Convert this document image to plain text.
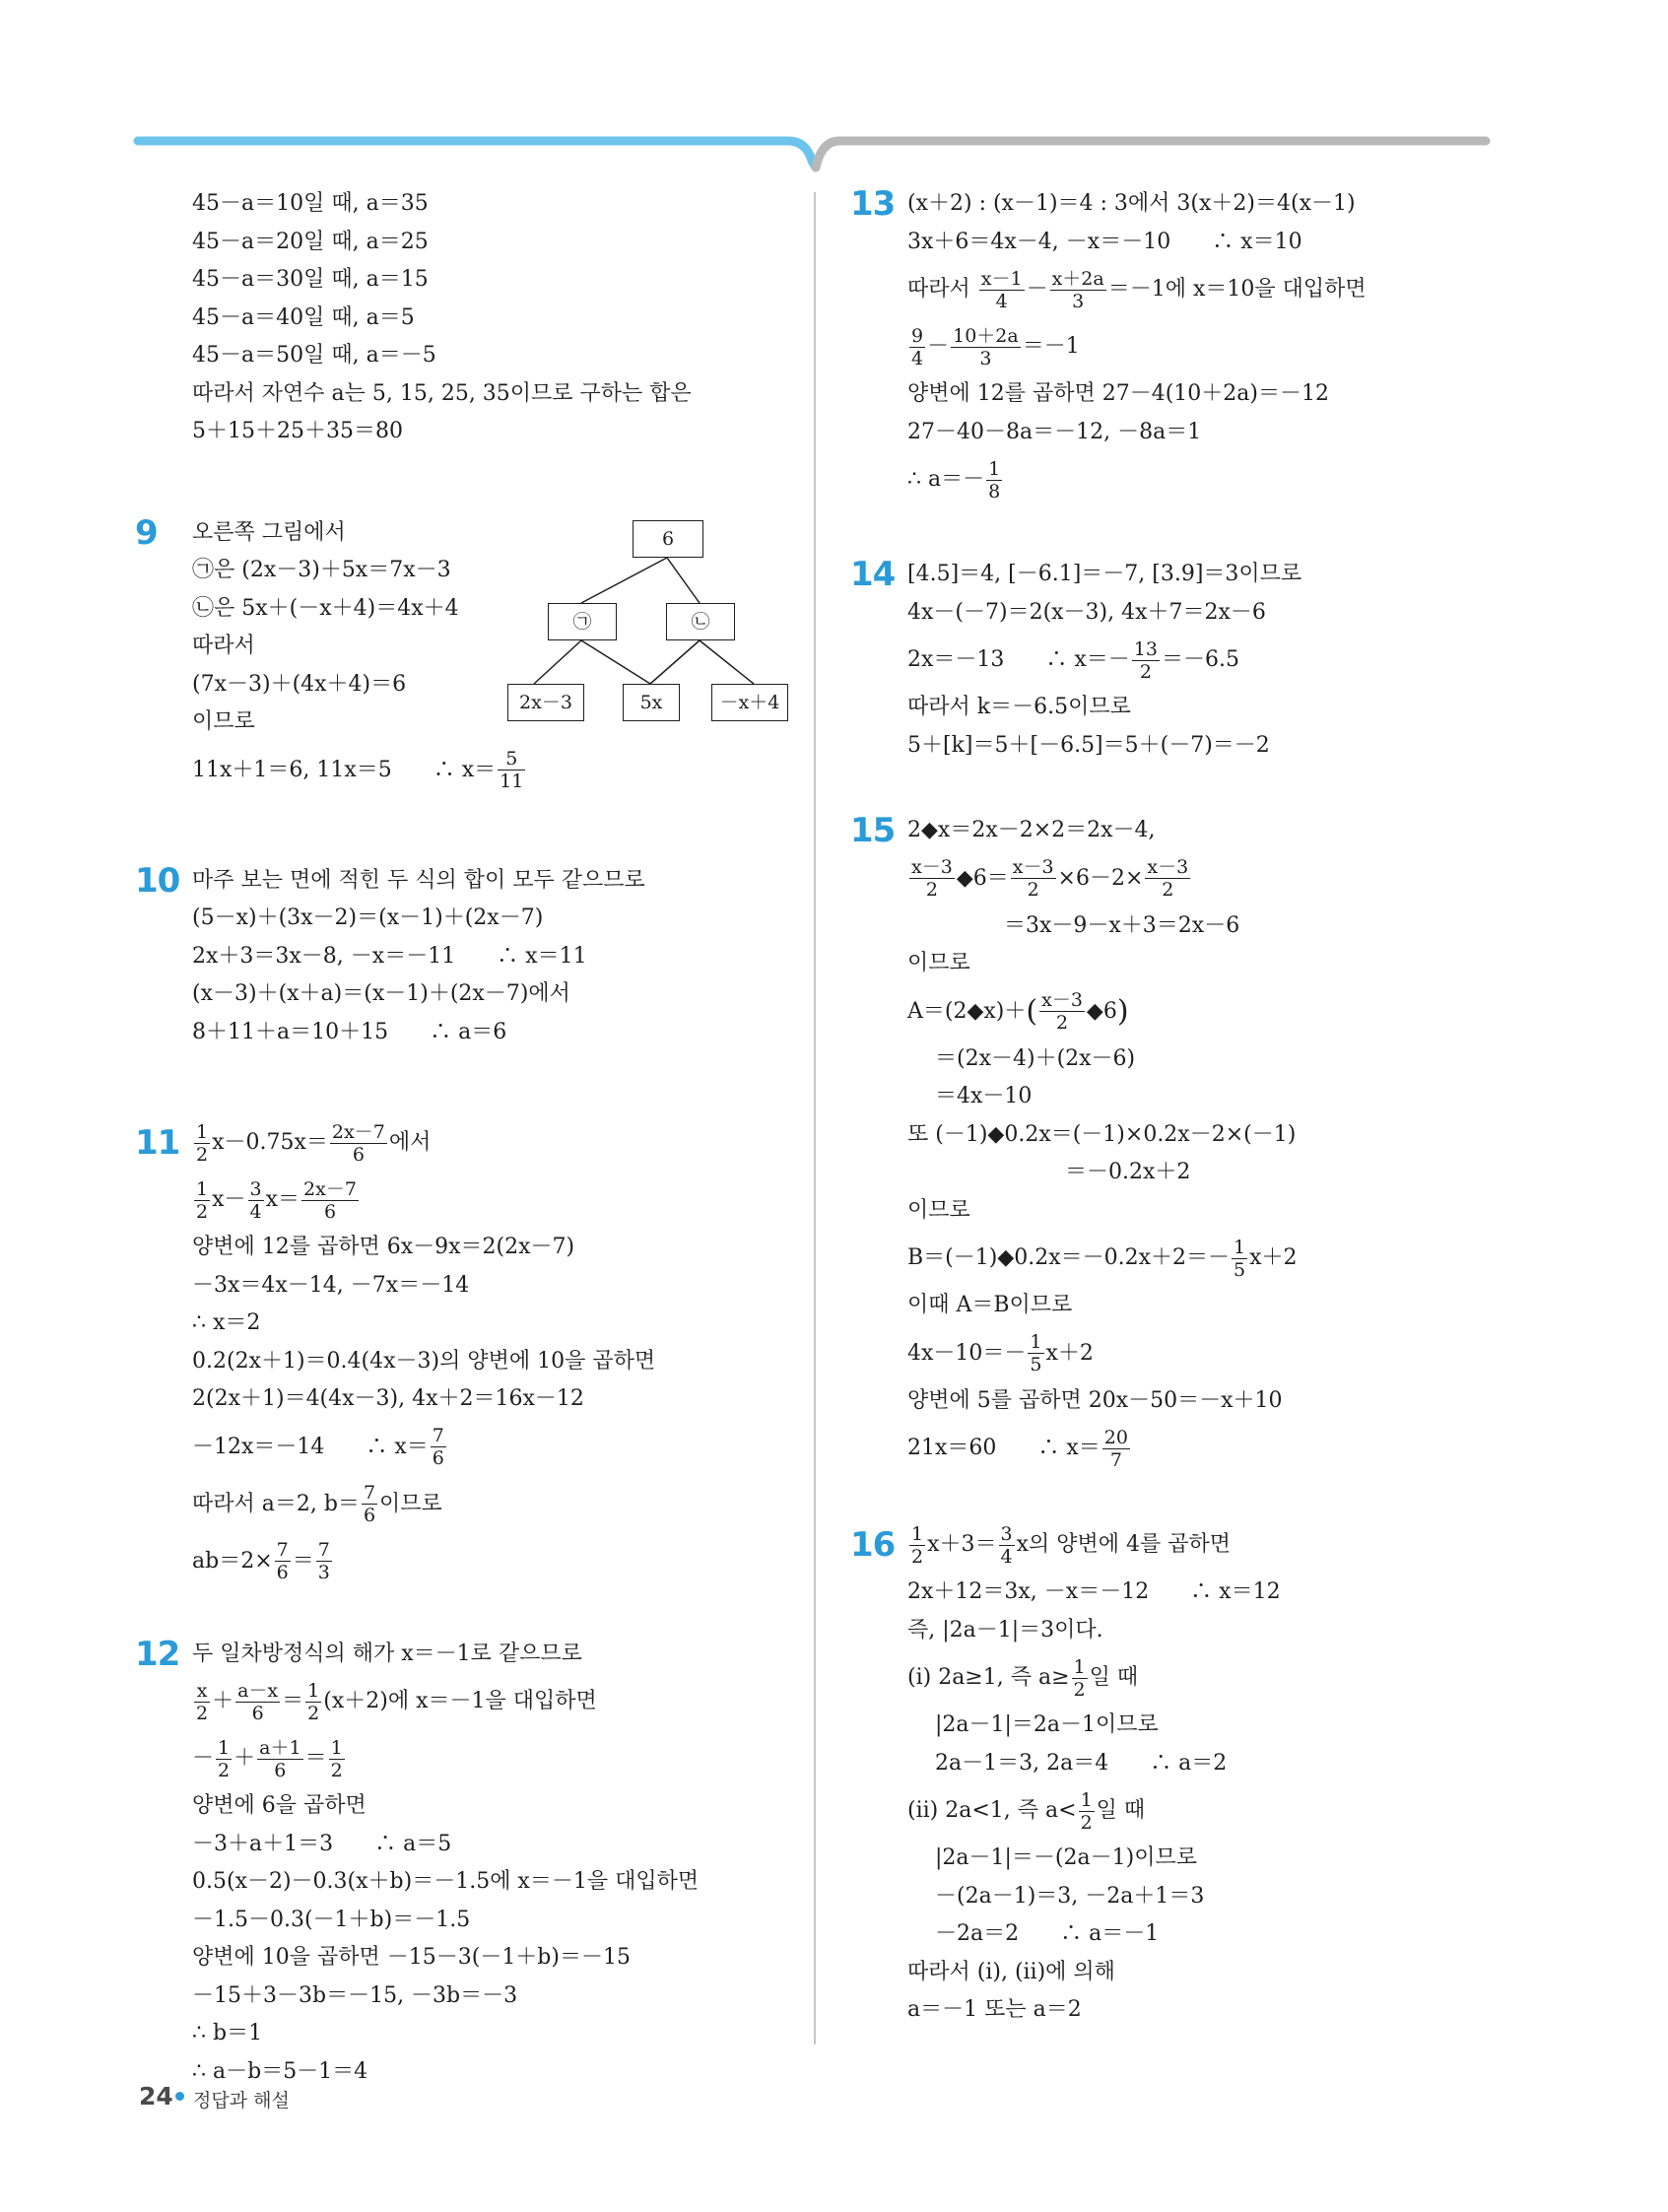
45－a＝10일 때, a＝35
45－a＝20일 때, a＝25
45－a＝30일 때, a＝15
45－a＝40일 때, a＝5
45－a＝50일 때, a＝－5
따라서 자연수 a는 5, 15, 25, 35이므로 구하는 합은
5＋15＋25＋35＝80
9 오른쪽 그림에서
㉠은 (2x－3)＋5x＝7x－3
㉡은 5x＋(－x＋4)＝4x＋4
따라서
(7x－3)＋(4x＋4)＝6
이므로
11x＋1＝6, 11x＝5 ∴ $x= \frac{5}{11}$
6
㉠	㉡
2x－3	5x	－x＋4
10 마주 보는 면에 적힌 두 식의 합이 모두 같으므로
(5－x)＋(3x－2)＝(x－1)＋(2x－7)
2x＋3＝3x－8, －x＝－11 ∴ x＝11
(x－3)＋(x＋a)＝(x－1)＋(2x－7)에서
8＋11＋a＝10＋15 ∴ a＝6
$11 \frac{1}{2} x-0.75x= \frac{2x-7}{6}$ 에서
$\frac{1}{2} x- \frac{3}{4} x= \frac{2x-7}{6}$
양변에 12를 곱하면 6x－9x＝2(2x－7)
－3x＝4x－14, －7x＝－14
∴ x＝2
0.2(2x＋1)＝0.4(4x－3)의 양변에 10을 곱하면
2(2x＋1)＝4(4x－3), 4x＋2＝16x－12
－12x＝－14 ∴ $x= \frac{7}{6}$
따라서 a＝2, $b= \frac{7}{6}$ 이므로
$ab=2\times \frac{7}{6} = \frac{7}{3}$
12 두 일차방정식의 해가 x＝－1로 같으므로
$\frac{x}{2} + \frac{a-x}{6} = \frac{1}{2} (x+2)$에 x＝－1을 대입하면
－ $\frac{1}{2} + \frac{a+1}{6} = \frac{1}{2}$
양변에 6을 곱하면
－3＋a＋1＝3 ∴ a＝5
0.5(x－2)－0.3(x＋b)＝－1.5에 x＝－1을 대입하면
－1.5－0.3(－1＋b)＝－1.5
양변에 10을 곱하면 －15－3(－1＋b)＝－15
－15＋3－3b＝－15, －3b＝－3
∴ b＝1
∴ a－b＝5－1＝4
13 (x＋2) : (x－1)＝4 : 3에서 3(x＋2)＝4(x－1)
3x＋6＝4x－4, －x＝－10 ∴ x＝10
따라서 $\frac{x-1}{4} - \frac{x+2a}{3} =-1$에 x＝10을 대입하면
$\frac{9}{4} - \frac{10+2a}{3} =-1$
양변에 12를 곱하면 27－4(10＋2a)＝－12
27－40－8a＝－12, －8a＝1
∴ $a=- \frac{1}{8}$
14 [4.5]＝4, [－6.1]＝－7, [3.9]＝3이므로
4x－(－7)＝2(x－3), 4x＋7＝2x－6
2x＝－13 ∴ $x=- \frac{13}{2} =-6.5$
따라서 k＝－6.5이므로
5＋[k]＝5＋[－6.5]＝5＋(－7)＝－2
15 2◆x＝2x－2×2＝2x－4,
$\frac{x-3}{2}$ ◆6＝ $\frac{x-3}{2} \times 6-2\times \frac{x-3}{2}$
＝3x－9－x＋3＝2x－6
이므로
A＝(2◆x)＋( $\frac{x-3}{2}$ ◆6)
＝(2x－4)＋(2x－6)
＝4x－10
또 (－1)◆0.2x＝(－1)×0.2x－2×(－1)
＝－0.2x＋2
이므로
B＝(－1)◆0.2x＝－0.2x＋2＝－ $\frac{1}{5} x+2$
이때 A＝B이므로
$4x-10=- \frac{1}{5} x+2$
양변에 5를 곱하면 20x－50＝－x＋10
21x＝60 ∴ $x= \frac{20}{7}$
$16 \frac{1}{2} x+3= \frac{3}{4}$ x의 양변에 4를 곱하면
2x＋12＝3x, －x＝－12 ∴ x＝12
즉, |2a－1|＝3이다.
(ⅰ) 2a≥1, 즉 $a\ge \frac{1}{2}$ 일 때
|2a－1|＝2a－1이므로
2a－1＝3, 2a＝4 ∴ a＝2
(ⅱ) 2a<1, 즉 $a< \frac{1}{2}$ 일 때
|2a－1|＝－(2a－1)이므로
－(2a－1)＝3, －2a＋1＝3
－2a＝2 ∴ a＝－1
따라서 (ⅰ), (ⅱ)에 의해
a＝－1 또는 a＝2
24 정답과 해설
